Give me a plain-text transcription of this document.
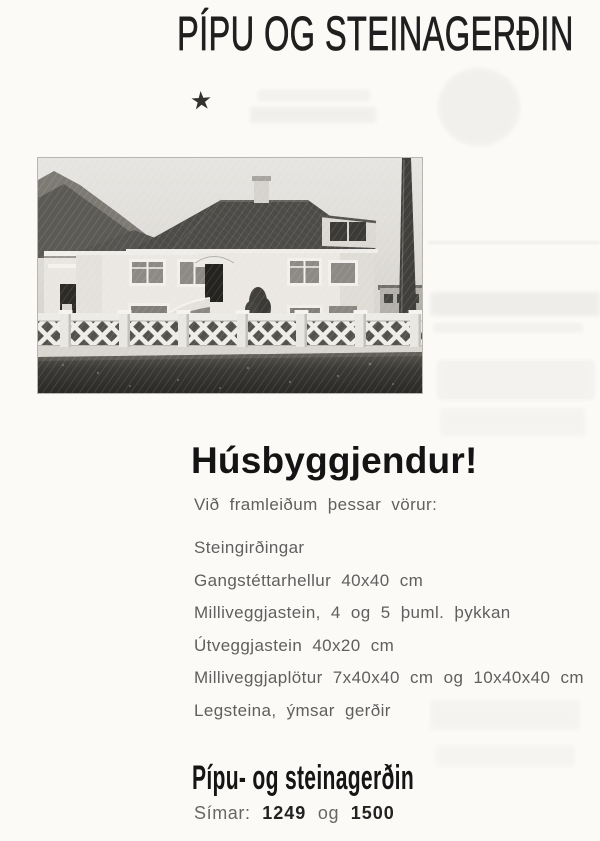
PÍPU OG STEINAGERÐIN
★
Húsbyggjendur!
Við framleiðum þessar vörur:
Steingirðingar
Gangstéttarhellur 40x40 cm
Milliveggjastein, 4 og 5 þuml. þykkan
Útveggjastein 40x20 cm
Milliveggjaplötur 7x40x40 cm og 10x40x40 cm
Legsteina, ýmsar gerðir
Pípu- og steinagerðin
Símar: 1249 og 1500
